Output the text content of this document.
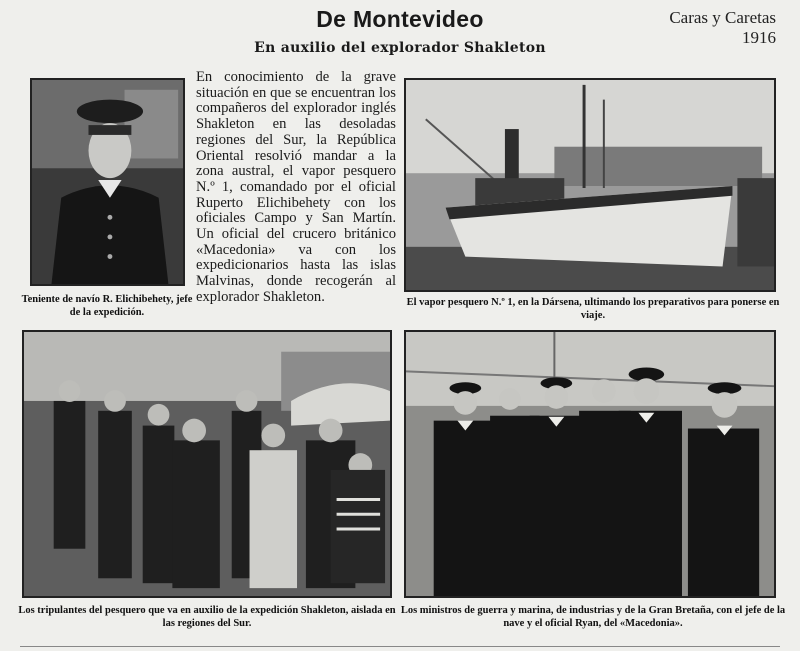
De Montevideo
En auxilio del explorador Shakleton
Caras y Caretas
1916
Teniente de navío R. Elichibehety, jefe de la expedición.
En conocimiento de la grave situación en que se encuentran los compañeros del explorador inglés Shakleton en las desoladas regiones del Sur, la República Oriental resolvió mandar a la zona austral, el vapor pesquero N.º 1, comandado por el oficial Ruperto Elichibehety con los oficiales Campo y San Martín. Un oficial del crucero británico «Macedonia» va con los expedicionarios hasta las islas Malvinas, donde recogerán al explorador Shakleton.	El vapor pesquero N.º 1, en la Dársena, ultimando los preparativos para ponerse en viaje.
Los tripulantes del pesquero que va en auxilio de la expedición Shakleton, aislada en las regiones del Sur.
Los ministros de guerra y marina, de industrias y de la Gran Bretaña, con el jefe de la nave y el oficial Ryan, del «Macedonia».
